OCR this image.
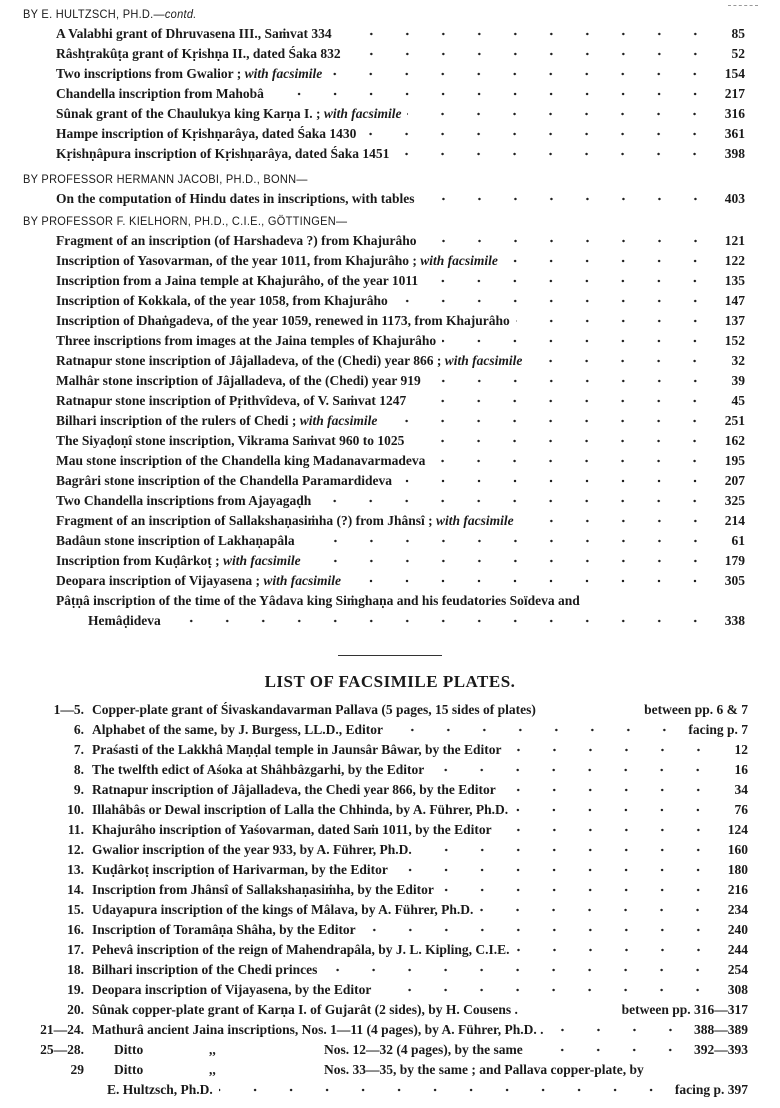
BY E. HULTZSCH, PH.D.— contd.
A Valabhi grant of Dhruvasena III., Saṁvat 334	85
Râshṭrakûṭa grant of Kṛishṇa II., dated Śaka 832	52
Two inscriptions from Gwalior ; with facsimile	154
Chandella inscription from Mahobâ	217
Sûnak grant of the Chaulukya king Karṇa I. ; with facsimile	316
Hampe inscription of Kṛishṇarâya, dated Śaka 1430	361
Kṛishṇâpura inscription of Kṛishṇarâya, dated Śaka 1451	398
BY PROFESSOR HERMANN JACOBI, PH.D., BONN—
On the computation of Hindu dates in inscriptions, with tables	403
BY PROFESSOR F. KIELHORN, PH.D., C.I.E., GÖTTINGEN—
Fragment of an inscription (of Harshadeva ?) from Khajurâho	121
Inscription of Yasovarman, of the year 1011, from Khajurâho ; with facsimile	122
Inscription from a Jaina temple at Khajurâho, of the year 1011	135
Inscription of Kokkala, of the year 1058, from Khajurâho	147
Inscription of Dhaṅgadeva, of the year 1059, renewed in 1173, from Khajurâho	137
Three inscriptions from images at the Jaina temples of Khajurâho	152
Ratnapur stone inscription of Jâjalladeva, of the (Chedi) year 866 ; with facsimile	32
Malhâr stone inscription of Jâjalladeva, of the (Chedi) year 919	39
Ratnapur stone inscription of Pṛithvîdeva, of V. Saṁvat 1247	45
Bilhari inscription of the rulers of Chedi ; with facsimile	251
The Siyaḍoṇî stone inscription, Vikrama Saṁvat 960 to 1025	162
Mau stone inscription of the Chandella king Madanavarmadeva	195
Bagrâri stone inscription of the Chandella Paramardideva	207
Two Chandella inscriptions from Ajayagaḍh	325
Fragment of an inscription of Sallakshaṇasiṁha (?) from Jhânsî ; with facsimile	214
Badâun stone inscription of Lakhaṇapâla	61
Inscription from Kuḍârkoṭ ; with facsimile	179
Deopara inscription of Vijayasena ; with facsimile	305
Pâṭṇâ inscription of the time of the Yâdava king Siṁghaṇa and his feudatories Soïdeva and
Hemâḍideva	338
LIST OF FACSIMILE PLATES.
1—5. Copper-plate grant of Śivaskandavarman Pallava (5 pages, 15 sides of plates)	between pp. 6 & 7
6. Alphabet of the same, by J. Burgess, LL.D., Editor	facing p. 7
7. Praśasti of the Lakkhâ Maṇḍal temple in Jaunsâr Bâwar, by the Editor	12
8. The twelfth edict of Aśoka at Shâhbâzgarhi, by the Editor	16
9. Ratnapur inscription of Jâjalladeva, the Chedi year 866, by the Editor	34
10. Illahâbâs or Dewal inscription of Lalla the Chhinda, by A. Führer, Ph.D.	76
11. Khajurâho inscription of Yaśovarman, dated Saṁ 1011, by the Editor	124
12. Gwalior inscription of the year 933, by A. Führer, Ph.D.	160
13. Kuḍârkoṭ inscription of Harivarman, by the Editor	180
14. Inscription from Jhânsî of Sallakshaṇasiṁha, by the Editor	216
15. Udayapura inscription of the kings of Mâlava, by A. Führer, Ph.D.	234
16. Inscription of Toramâṇa Shâha, by the Editor	240
17. Pehevâ inscription of the reign of Mahendrapâla, by J. L. Kipling, C.I.E.	244
18. Bilhari inscription of the Chedi princes	254
19. Deopara inscription of Vijayasena, by the Editor	308
20. Sûnak copper-plate grant of Karṇa I. of Gujarât (2 sides), by H. Cousens .	between pp. 316—317
21—24. Mathurâ ancient Jaina inscriptions, Nos. 1—11 (4 pages), by A. Führer, Ph.D. .	388—389
25—28.	Ditto	,,	Nos. 12—32 (4 pages), by the same	392—393
29	Ditto	,,	Nos. 33—35, by the same ; and Pallava copper-plate, by
E. Hultzsch, Ph.D.	facing p. 397
